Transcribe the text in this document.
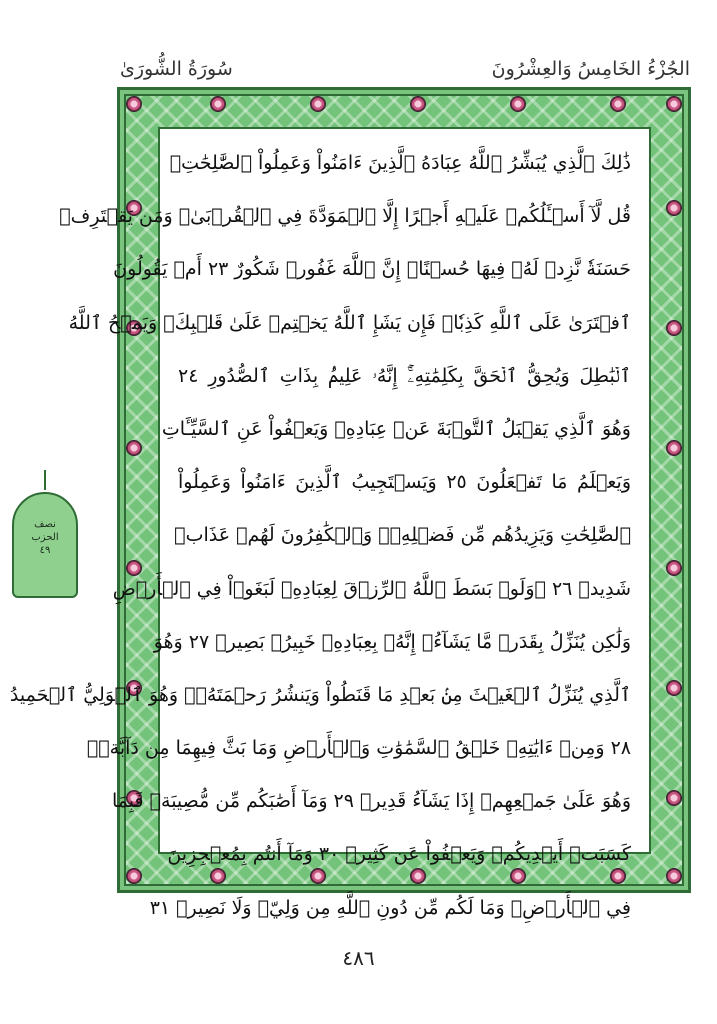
الجُزْءُ الخَامِسُ وَالعِشْرُونَ
سُورَةُ الشُّورَىٰ
نصف
الحزب
٤٩
ذَٰلِكَ ٱلَّذِي يُبَشِّرُ ٱللَّهُ عِبَادَهُ ٱلَّذِينَ ءَامَنُواْ وَعَمِلُواْ ٱلصَّٰلِحَٰتِۗ
قُل لَّآ أَسۡـَٔلُكُمۡ عَلَيۡهِ أَجۡرًا إِلَّا ٱلۡمَوَدَّةَ فِي ٱلۡقُرۡبَىٰۗ وَمَن يَقۡتَرِفۡ
حَسَنَةٗ نَّزِدۡ لَهُۥ فِيهَا حُسۡنًاۚ إِنَّ ٱللَّهَ غَفُورٞ شَكُورٌ ٢٣ أَمۡ يَقُولُونَ
ٱفۡتَرَىٰ عَلَى ٱللَّهِ كَذِبٗاۖ فَإِن يَشَإِ ٱللَّهُ يَخۡتِمۡ عَلَىٰ قَلۡبِكَۗ وَيَمۡحُ ٱللَّهُ
ٱلۡبَٰطِلَ وَيُحِقُّ ٱلۡحَقَّ بِكَلِمَٰتِهِۦٓۚ إِنَّهُۥ عَلِيمُۢ بِذَاتِ ٱلصُّدُورِ ٢٤
وَهُوَ ٱلَّذِي يَقۡبَلُ ٱلتَّوۡبَةَ عَنۡ عِبَادِهِۦ وَيَعۡفُواْ عَنِ ٱلسَّيِّـَٔاتِ
وَيَعۡلَمُ مَا تَفۡعَلُونَ ٢٥ وَيَسۡتَجِيبُ ٱلَّذِينَ ءَامَنُواْ وَعَمِلُواْ
ٱلصَّٰلِحَٰتِ وَيَزِيدُهُم مِّن فَضۡلِهِۦۚ وَٱلۡكَٰفِرُونَ لَهُمۡ عَذَابٞ
شَدِيدٞ ٢٦ ۞وَلَوۡ بَسَطَ ٱللَّهُ ٱلرِّزۡقَ لِعِبَادِهِۦ لَبَغَوۡاْ فِي ٱلۡأَرۡضِ
وَلَٰكِن يُنَزِّلُ بِقَدَرٖ مَّا يَشَآءُۚ إِنَّهُۥ بِعِبَادِهِۦ خَبِيرُۢ بَصِيرٞ ٢٧ وَهُوَ
ٱلَّذِي يُنَزِّلُ ٱلۡغَيۡثَ مِنۢ بَعۡدِ مَا قَنَطُواْ وَيَنشُرُ رَحۡمَتَهُۥۚ وَهُوَ ٱلۡوَلِيُّ ٱلۡحَمِيدُ
٢٨ وَمِنۡ ءَايَٰتِهِۦ خَلۡقُ ٱلسَّمَٰوَٰتِ وَٱلۡأَرۡضِ وَمَا بَثَّ فِيهِمَا مِن دَآبَّةٖۚ
وَهُوَ عَلَىٰ جَمۡعِهِمۡ إِذَا يَشَآءُ قَدِيرٞ ٢٩ وَمَآ أَصَٰبَكُم مِّن مُّصِيبَةٖ فَبِمَا
كَسَبَتۡ أَيۡدِيكُمۡ وَيَعۡفُواْ عَن كَثِيرٖ ٣٠ وَمَآ أَنتُم بِمُعۡجِزِينَ
فِي ٱلۡأَرۡضِۖ وَمَا لَكُم مِّن دُونِ ٱللَّهِ مِن وَلِيّٖ وَلَا نَصِيرٖ ٣١
٤٨٦
